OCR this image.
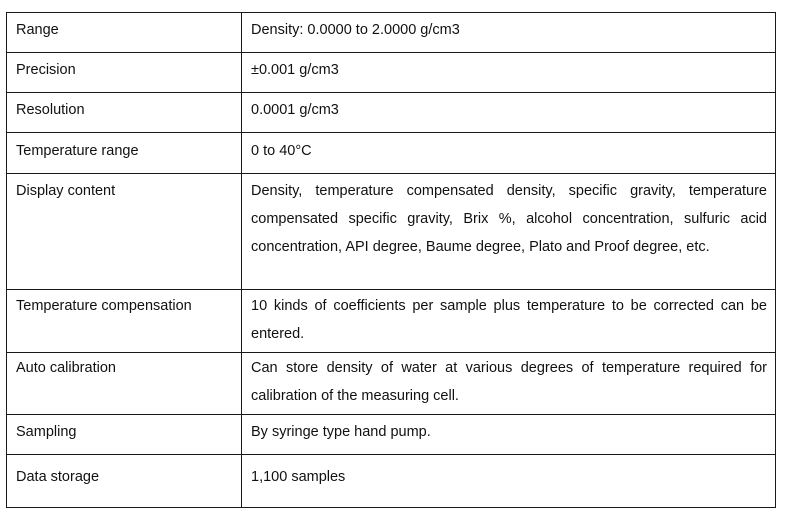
Range	Density: 0.0000 to 2.0000 g/cm3
Precision	±0.001 g/cm3
Resolution	0.0001 g/cm3
Temperature range	0 to 40°C
Display content	Density, temperature compensated density, specific gravity, temperature compensated specific gravity, Brix %, alcohol concentration, sulfuric acid concentration, API degree, Baume degree, Plato and Proof degree, etc.
Temperature compensation	10 kinds of coefficients per sample plus temperature to be corrected can be entered.
Auto calibration	Can store density of water at various degrees of temperature required for calibration of the measuring cell.
Sampling	By syringe type hand pump.
Data storage	1,100 samples
